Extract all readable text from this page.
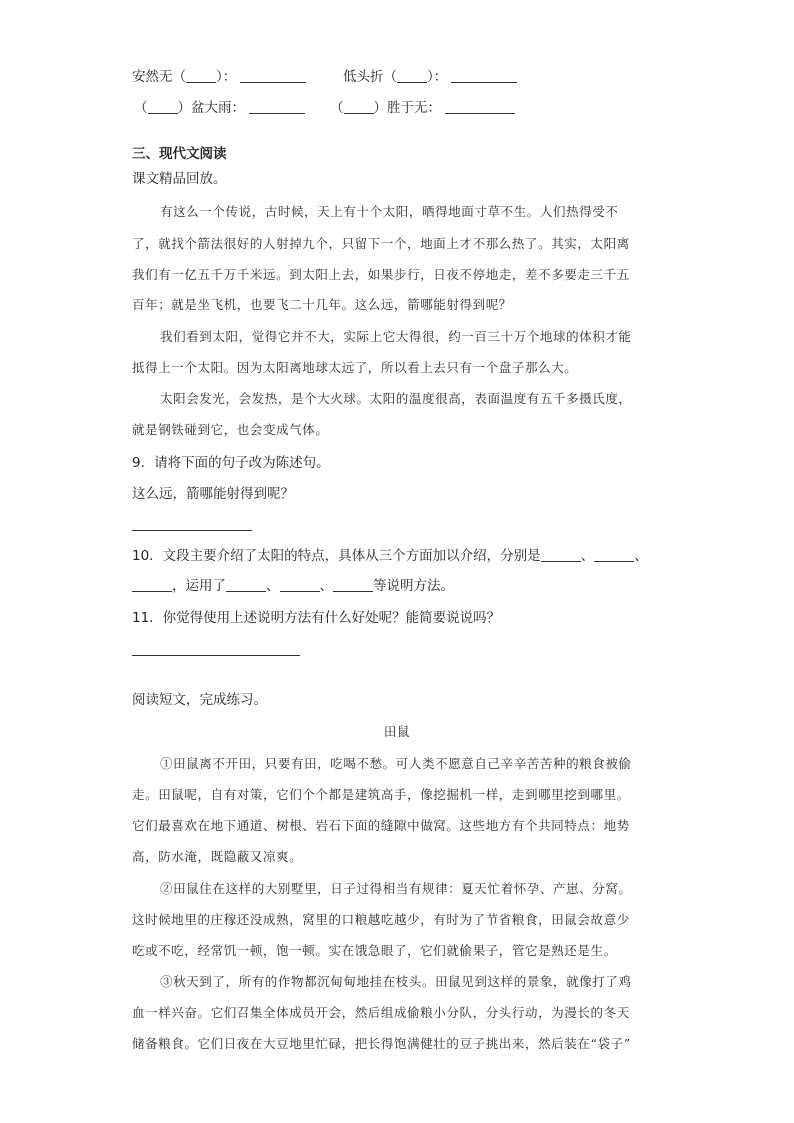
安然无（ ）：	低头折（ ）：
（ ）盆大雨：	（ ）胜于无：
三、现代文阅读
课文精品回放。
有这么一个传说，古时候，天上有十个太阳，晒得地面寸草不生。人们热得受不
了，就找个箭法很好的人射掉九个，只留下一个，地面上才不那么热了。其实，太阳离
我们有一亿五千万千米远。到太阳上去，如果步行，日夜不停地走，差不多要走三千五
百年；就是坐飞机，也要飞二十几年。这么远，箭哪能射得到呢？
我们看到太阳，觉得它并不大，实际上它大得很，约一百三十万个地球的体积才能
抵得上一个太阳。因为太阳离地球太远了，所以看上去只有一个盘子那么大。
太阳会发光，会发热，是个大火球。太阳的温度很高，表面温度有五千多摄氏度，
就是钢铁碰到它，也会变成气体。
9．请将下面的句子改为陈述句。
这么远，箭哪能射得到呢？
10．文段主要介绍了太阳的特点，具体从三个方面加以介绍，分别是	、	、
，运用了	、	、	等说明方法。
11．你觉得使用上述说明方法有什么好处呢？能简要说说吗？
阅读短文，完成练习。
田鼠
①田鼠离不开田，只要有田，吃喝不愁。可人类不愿意自己辛辛苦苦种的粮食被偷
走。田鼠呢，自有对策，它们个个都是建筑高手，像挖掘机一样，走到哪里挖到哪里。
它们最喜欢在地下通道、树根、岩石下面的缝隙中做窝。这些地方有个共同特点：地势
高，防水淹，既隐蔽又凉爽。
②田鼠住在这样的大别墅里，日子过得相当有规律：夏天忙着怀孕、产崽、分窝。
这时候地里的庄稼还没成熟，窝里的口粮越吃越少，有时为了节省粮食，田鼠会故意少
吃或不吃，经常饥一顿，饱一顿。实在饿急眼了，它们就偷果子，管它是熟还是生。
③秋天到了，所有的作物都沉甸甸地挂在枝头。田鼠见到这样的景象，就像打了鸡
血一样兴奋。它们召集全体成员开会，然后组成偷粮小分队，分头行动，为漫长的冬天
储备粮食。它们日夜在大豆地里忙碌，把长得饱满健壮的豆子挑出来，然后装在“袋子”
